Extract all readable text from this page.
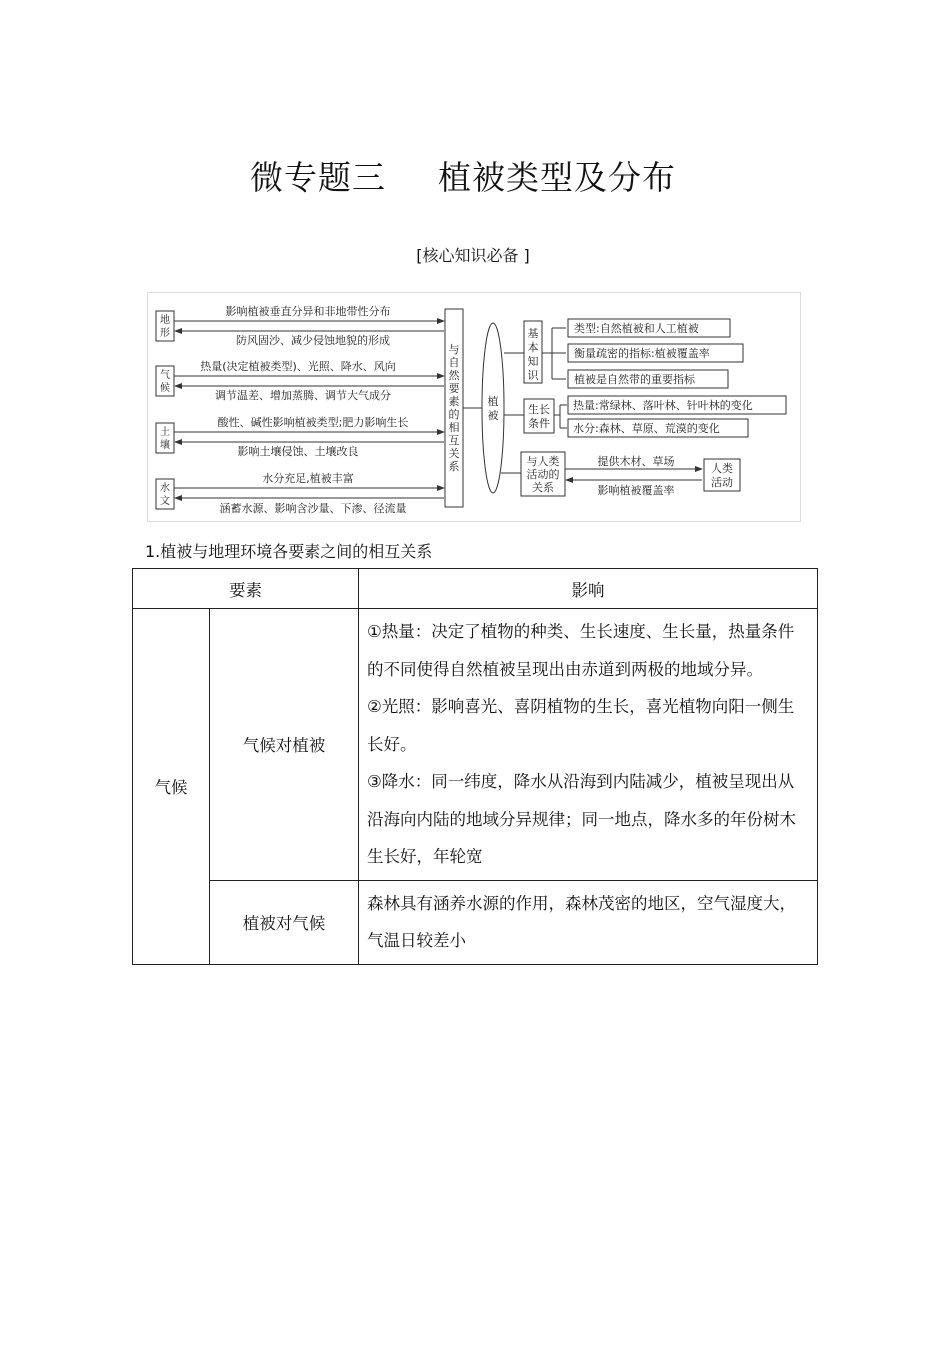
微专题三 植被类型及分布
[核心知识必备 ]
地形
气候
土壤
水文
影响植被垂直分异和非地带性分布
防风固沙、减少侵蚀地貌的形成
热量(决定植被类型)、光照、降水、风向
调节温差、增加蒸腾、调节大气成分
酸性、碱性影响植被类型;肥力影响生长
影响土壤侵蚀、土壤改良
水分充足,植被丰富
涵蓄水源、影响含沙量、下渗、径流量
与自然要素的相互关系
植被
基本知识
类型:自然植被和人工植被
衡量疏密的指标:植被覆盖率
植被是自然带的重要指标
生长条件
热量:常绿林、落叶林、针叶林的变化
水分:森林、草原、荒漠的变化
与人类活动的关系
提供木材、草场
影响植被覆盖率
人类活动
1.植被与地理环境各要素之间的相互关系
要素		影响
气候	气候对植被	①热量：决定了植物的种类、生长速度、生长量，热量条件的不同使得自然植被呈现出由赤道到两极的地域分异。

②光照：影响喜光、喜阴植物的生长，喜光植物向阳一侧生长好。

③降水：同一纬度，降水从沿海到内陆减少，植被呈现出从沿海向内陆的地域分异规律；同一地点，降水多的年份树木生长好，年轮宽

	植被对气候	森林具有涵养水源的作用，森林茂密的地区，空气湿度大，气温日较差小
